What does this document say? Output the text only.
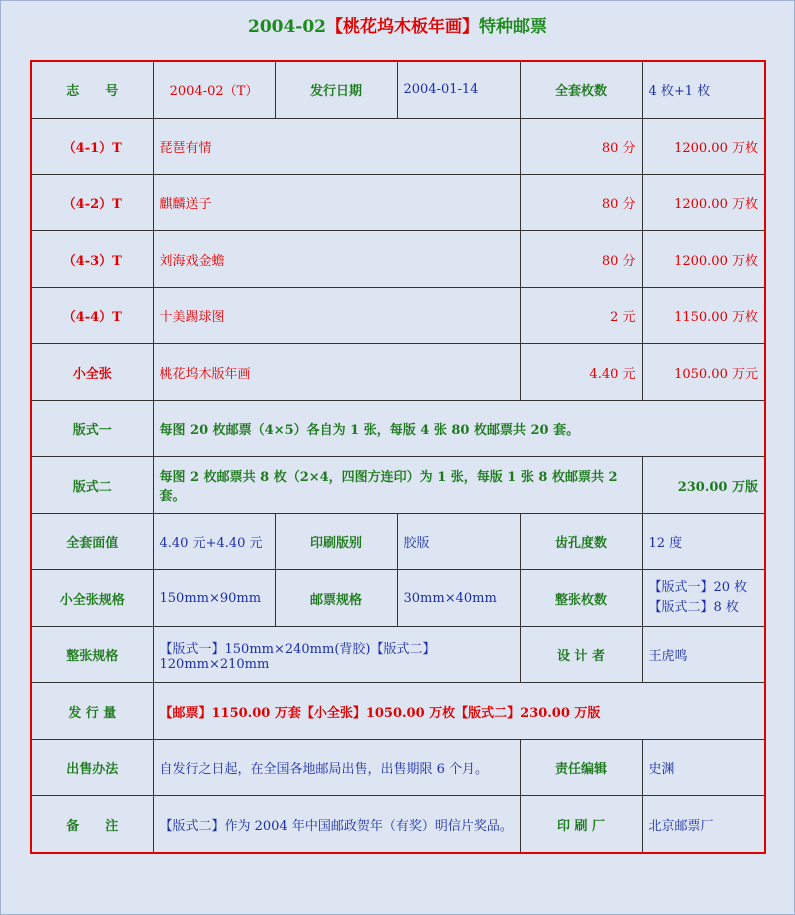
2004-02【桃花坞木板年画】特种邮票
志　　号	2004-02（T）	发行日期	2004-01-14	全套枚数	4 枚+1 枚
（4-1）T	琵琶有情			80 分	1200.00 万枚
（4-2）T	麒麟送子			80 分	1200.00 万枚
（4-3）T	刘海戏金蟾			80 分	1200.00 万枚
（4-4）T	十美踢球图			2 元	1150.00 万枚
小全张	桃花坞木版年画			4.40 元	1050.00 万元
版式一	每图 20 枚邮票（4×5）各自为 1 张，每版 4 张 80 枚邮票共 20 套。				
版式二	每图 2 枚邮票共 8 枚（2×4，四图方连印）为 1 张，每版 1 张 8 枚邮票共 2 套。				230.00 万版
全套面值	4.40 元+4.40 元	印刷版别	胶版	齿孔度数	12 度
小全张规格	150mm×90mm	邮票规格	30mm×40mm	整张枚数	【版式一】20 枚
【版式二】8 枚

整张规格	【版式一】150mm×240mm(背胶)【版式二】120mm×210mm			设 计 者	王虎鸣
发 行 量	【邮票】1150.00 万套【小全张】1050.00 万枚【版式二】230.00 万版				
出售办法	自发行之日起，在全国各地邮局出售，出售期限 6 个月。			责任编辑	史渊
备　　注	【版式二】作为 2004 年中国邮政贺年（有奖）明信片奖品。			印 刷 厂	北京邮票厂
